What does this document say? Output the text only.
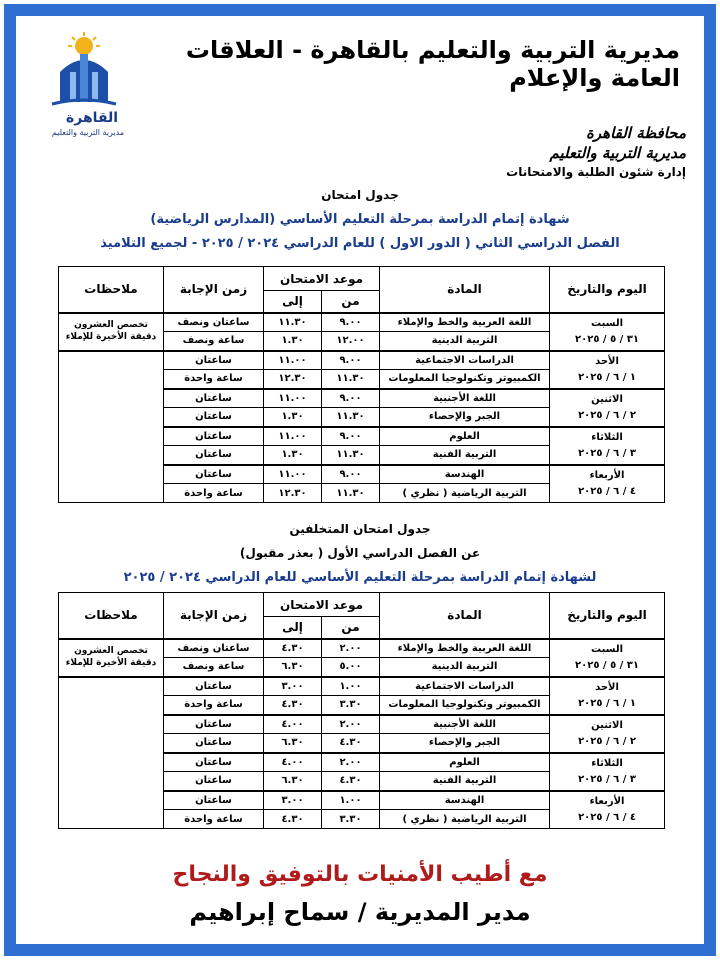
القاهرة
مديرية التربية والتعليم
مديرية التربية والتعليم بالقاهرة - العلاقات العامة والإعلام
محافظة القاهرة
مديرية التربية والتعليم
إدارة شئون الطلبة والامتحانات
جدول امتحان
شهادة إتمام الدراسة بمرحلة التعليم الأساسي (المدارس الرياضية)
الفصل الدراسي الثاني ( الدور الاول ) للعام الدراسي ٢٠٢٤ / ٢٠٢٥ - لجميع التلاميذ
اليوم والتاريخ	المادة	موعد الامتحان		زمن الإجابة	ملاحظات
		من	إلى		

السبت
٣١ / ٥ / ٢٠٢٥	اللغة العربية والخط والإملاء	٩.٠٠	١١.٣٠	ساعتان ونصف	تخصص العشرون دقيقة الأخيرة للإملاء
	التربية الدينية	١٢.٠٠	١.٣٠	ساعة ونصف	

الأحد
١ / ٦ / ٢٠٢٥	الدراسات الاجتماعية	٩.٠٠	١١.٠٠	ساعتان	
	الكمبيوتر وتكنولوجيا المعلومات	١١.٣٠	١٢.٣٠	ساعة واحدة	

الاثنين
٢ / ٦ / ٢٠٢٥	اللغة الأجنبية	٩.٠٠	١١.٠٠	ساعتان	
	الجبر والإحصاء	١١.٣٠	١.٣٠	ساعتان	

الثلاثاء
٣ / ٦ / ٢٠٢٥	العلوم	٩.٠٠	١١.٠٠	ساعتان	
	التربية الفنية	١١.٣٠	١.٣٠	ساعتان	

الأربعاء
٤ / ٦ / ٢٠٢٥	الهندسة	٩.٠٠	١١.٠٠	ساعتان	
	التربية الرياضية ( نظري )	١١.٣٠	١٢.٣٠	ساعة واحدة	
جدول امتحان المتخلفين
عن الفصل الدراسي الأول ( بعذر مقبول)
لشهادة إتمام الدراسة بمرحلة التعليم الأساسي للعام الدراسي ٢٠٢٤ / ٢٠٢٥
اليوم والتاريخ	المادة	موعد الامتحان		زمن الإجابة	ملاحظات
		من	إلى		

السبت
٣١ / ٥ / ٢٠٢٥	اللغة العربية والخط والإملاء	٢.٠٠	٤.٣٠	ساعتان ونصف	تخصص العشرون دقيقة الأخيرة للإملاء
	التربية الدينية	٥.٠٠	٦.٣٠	ساعة ونصف	

الأحد
١ / ٦ / ٢٠٢٥	الدراسات الاجتماعية	١.٠٠	٣.٠٠	ساعتان	
	الكمبيوتر وتكنولوجيا المعلومات	٣.٣٠	٤.٣٠	ساعة واحدة	

الاثنين
٢ / ٦ / ٢٠٢٥	اللغة الأجنبية	٢.٠٠	٤.٠٠	ساعتان	
	الجبر والإحصاء	٤.٣٠	٦.٣٠	ساعتان	

الثلاثاء
٣ / ٦ / ٢٠٢٥	العلوم	٢.٠٠	٤.٠٠	ساعتان	
	التربية الفنية	٤.٣٠	٦.٣٠	ساعتان	

الأربعاء
٤ / ٦ / ٢٠٢٥	الهندسة	١.٠٠	٣.٠٠	ساعتان	
	التربية الرياضية ( نظري )	٣.٣٠	٤.٣٠	ساعة واحدة	
مع أطيب الأمنيات بالتوفيق والنجاح
مدير المديرية / سماح إبراهيم
